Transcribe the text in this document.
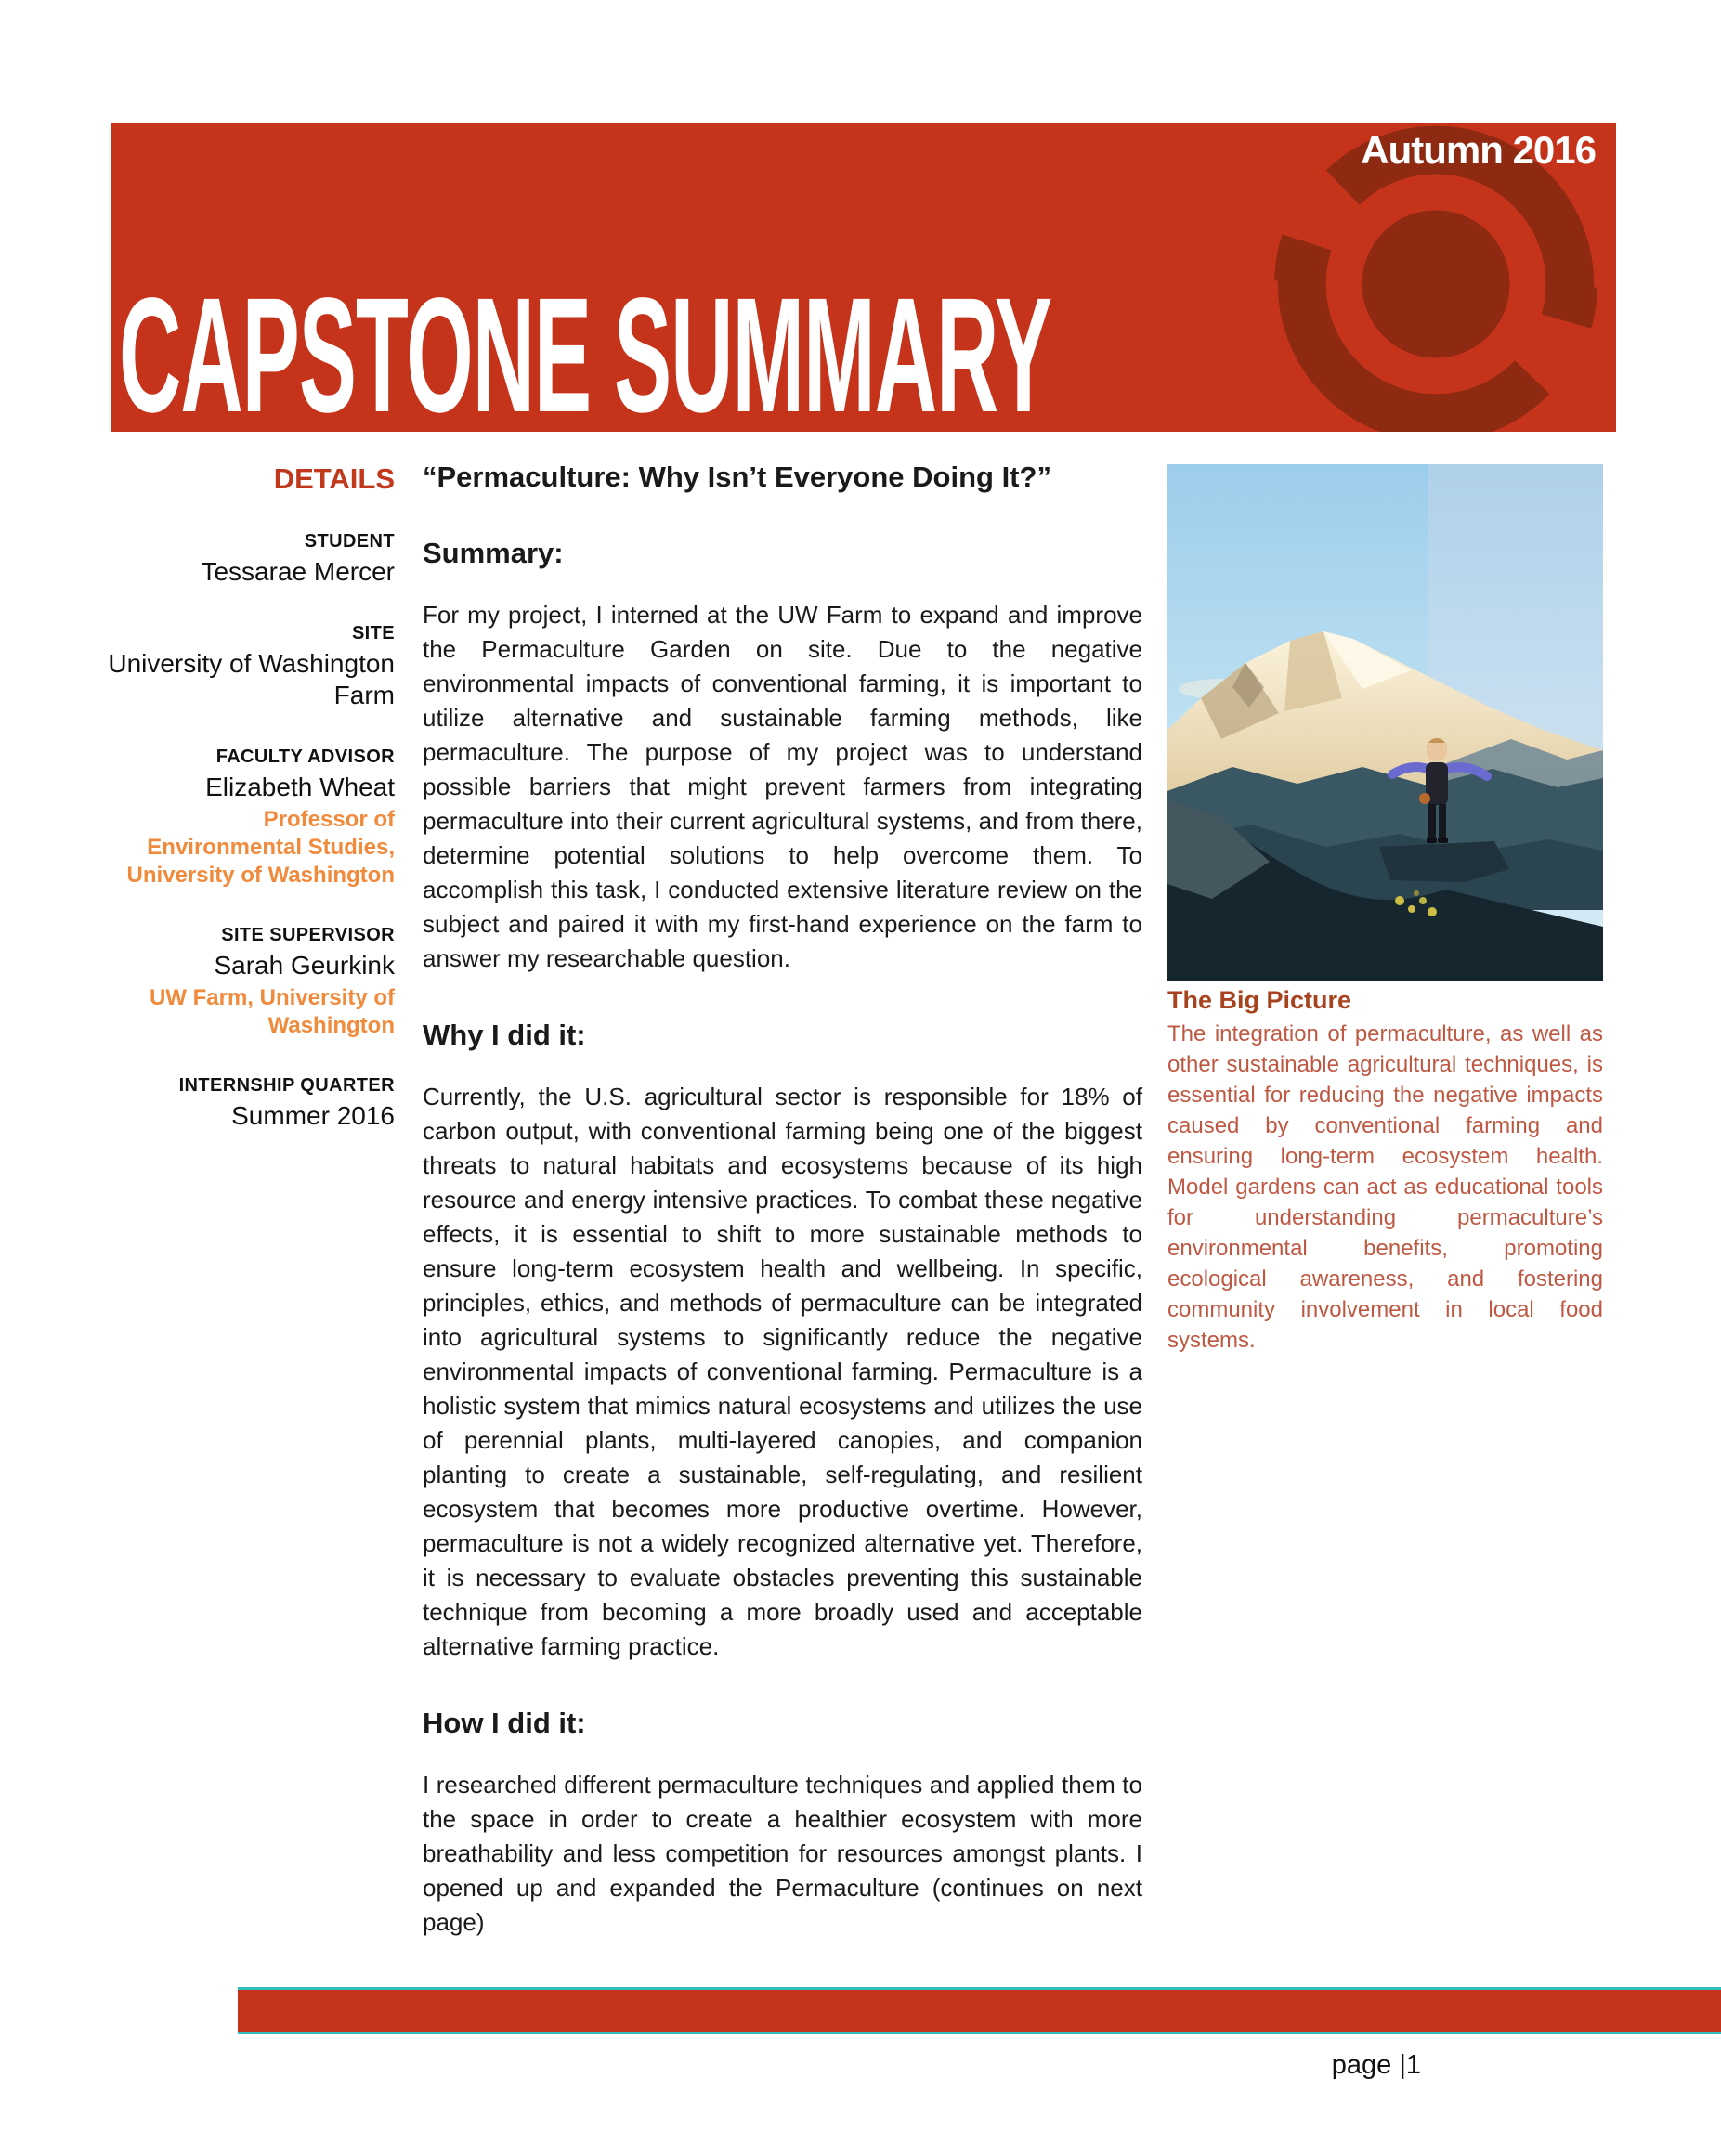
Autumn 2016
CAPSTONE SUMMARY
DETAILS
STUDENT
Tessarae Mercer
SITE
University of Washington Farm
FACULTY ADVISOR
Elizabeth Wheat
Professor of Environmental Studies, University of Washington
SITE SUPERVISOR
Sarah Geurkink
UW Farm, University of Washington
INTERNSHIP QUARTER
Summer 2016
“Permaculture: Why Isn’t Everyone Doing It?”
Summary:

For my project, I interned at the UW Farm to expand and improve the Permaculture Garden on site. Due to the negative environmental impacts of conventional farming, it is important to utilize alternative and sustainable farming methods, like permaculture. The purpose of my project was to understand possible barriers that might prevent farmers from integrating permaculture into their current agricultural systems, and from there, determine potential solutions to help overcome them. To accomplish this task, I conducted extensive literature review on the subject and paired it with my first-hand experience on the farm to answer my researchable question.

Why I did it:

Currently, the U.S. agricultural sector is responsible for 18% of carbon output, with conventional farming being one of the biggest threats to natural habitats and ecosystems because of its high resource and energy intensive practices. To combat these negative effects, it is essential to shift to more sustainable methods to ensure long-term ecosystem health and wellbeing. In specific, principles, ethics, and methods of permaculture can be integrated into agricultural systems to significantly reduce the negative environmental impacts of conventional farming. Permaculture is a holistic system that mimics natural ecosystems and utilizes the use of perennial plants, multi-layered canopies, and companion planting to create a sustainable, self-regulating, and resilient ecosystem that becomes more productive overtime. However, permaculture is not a widely recognized alternative yet. Therefore, it is necessary to evaluate obstacles preventing this sustainable technique from becoming a more broadly used and acceptable alternative farming practice.

How I did it:

I researched different permaculture techniques and applied them to the space in order to create a healthier ecosystem with more breathability and less competition for resources amongst plants. I opened up and expanded the Permaculture (continues on next page)

The Big Picture

The integration of permaculture, as well as other sustainable agricultural techniques, is essential for reducing the negative impacts caused by conventional farming and ensuring long-term ecosystem health. Model gardens can act as educational tools for understanding permaculture’s environmental benefits, promoting ecological awareness, and fostering community involvement in local food systems.

page |1
